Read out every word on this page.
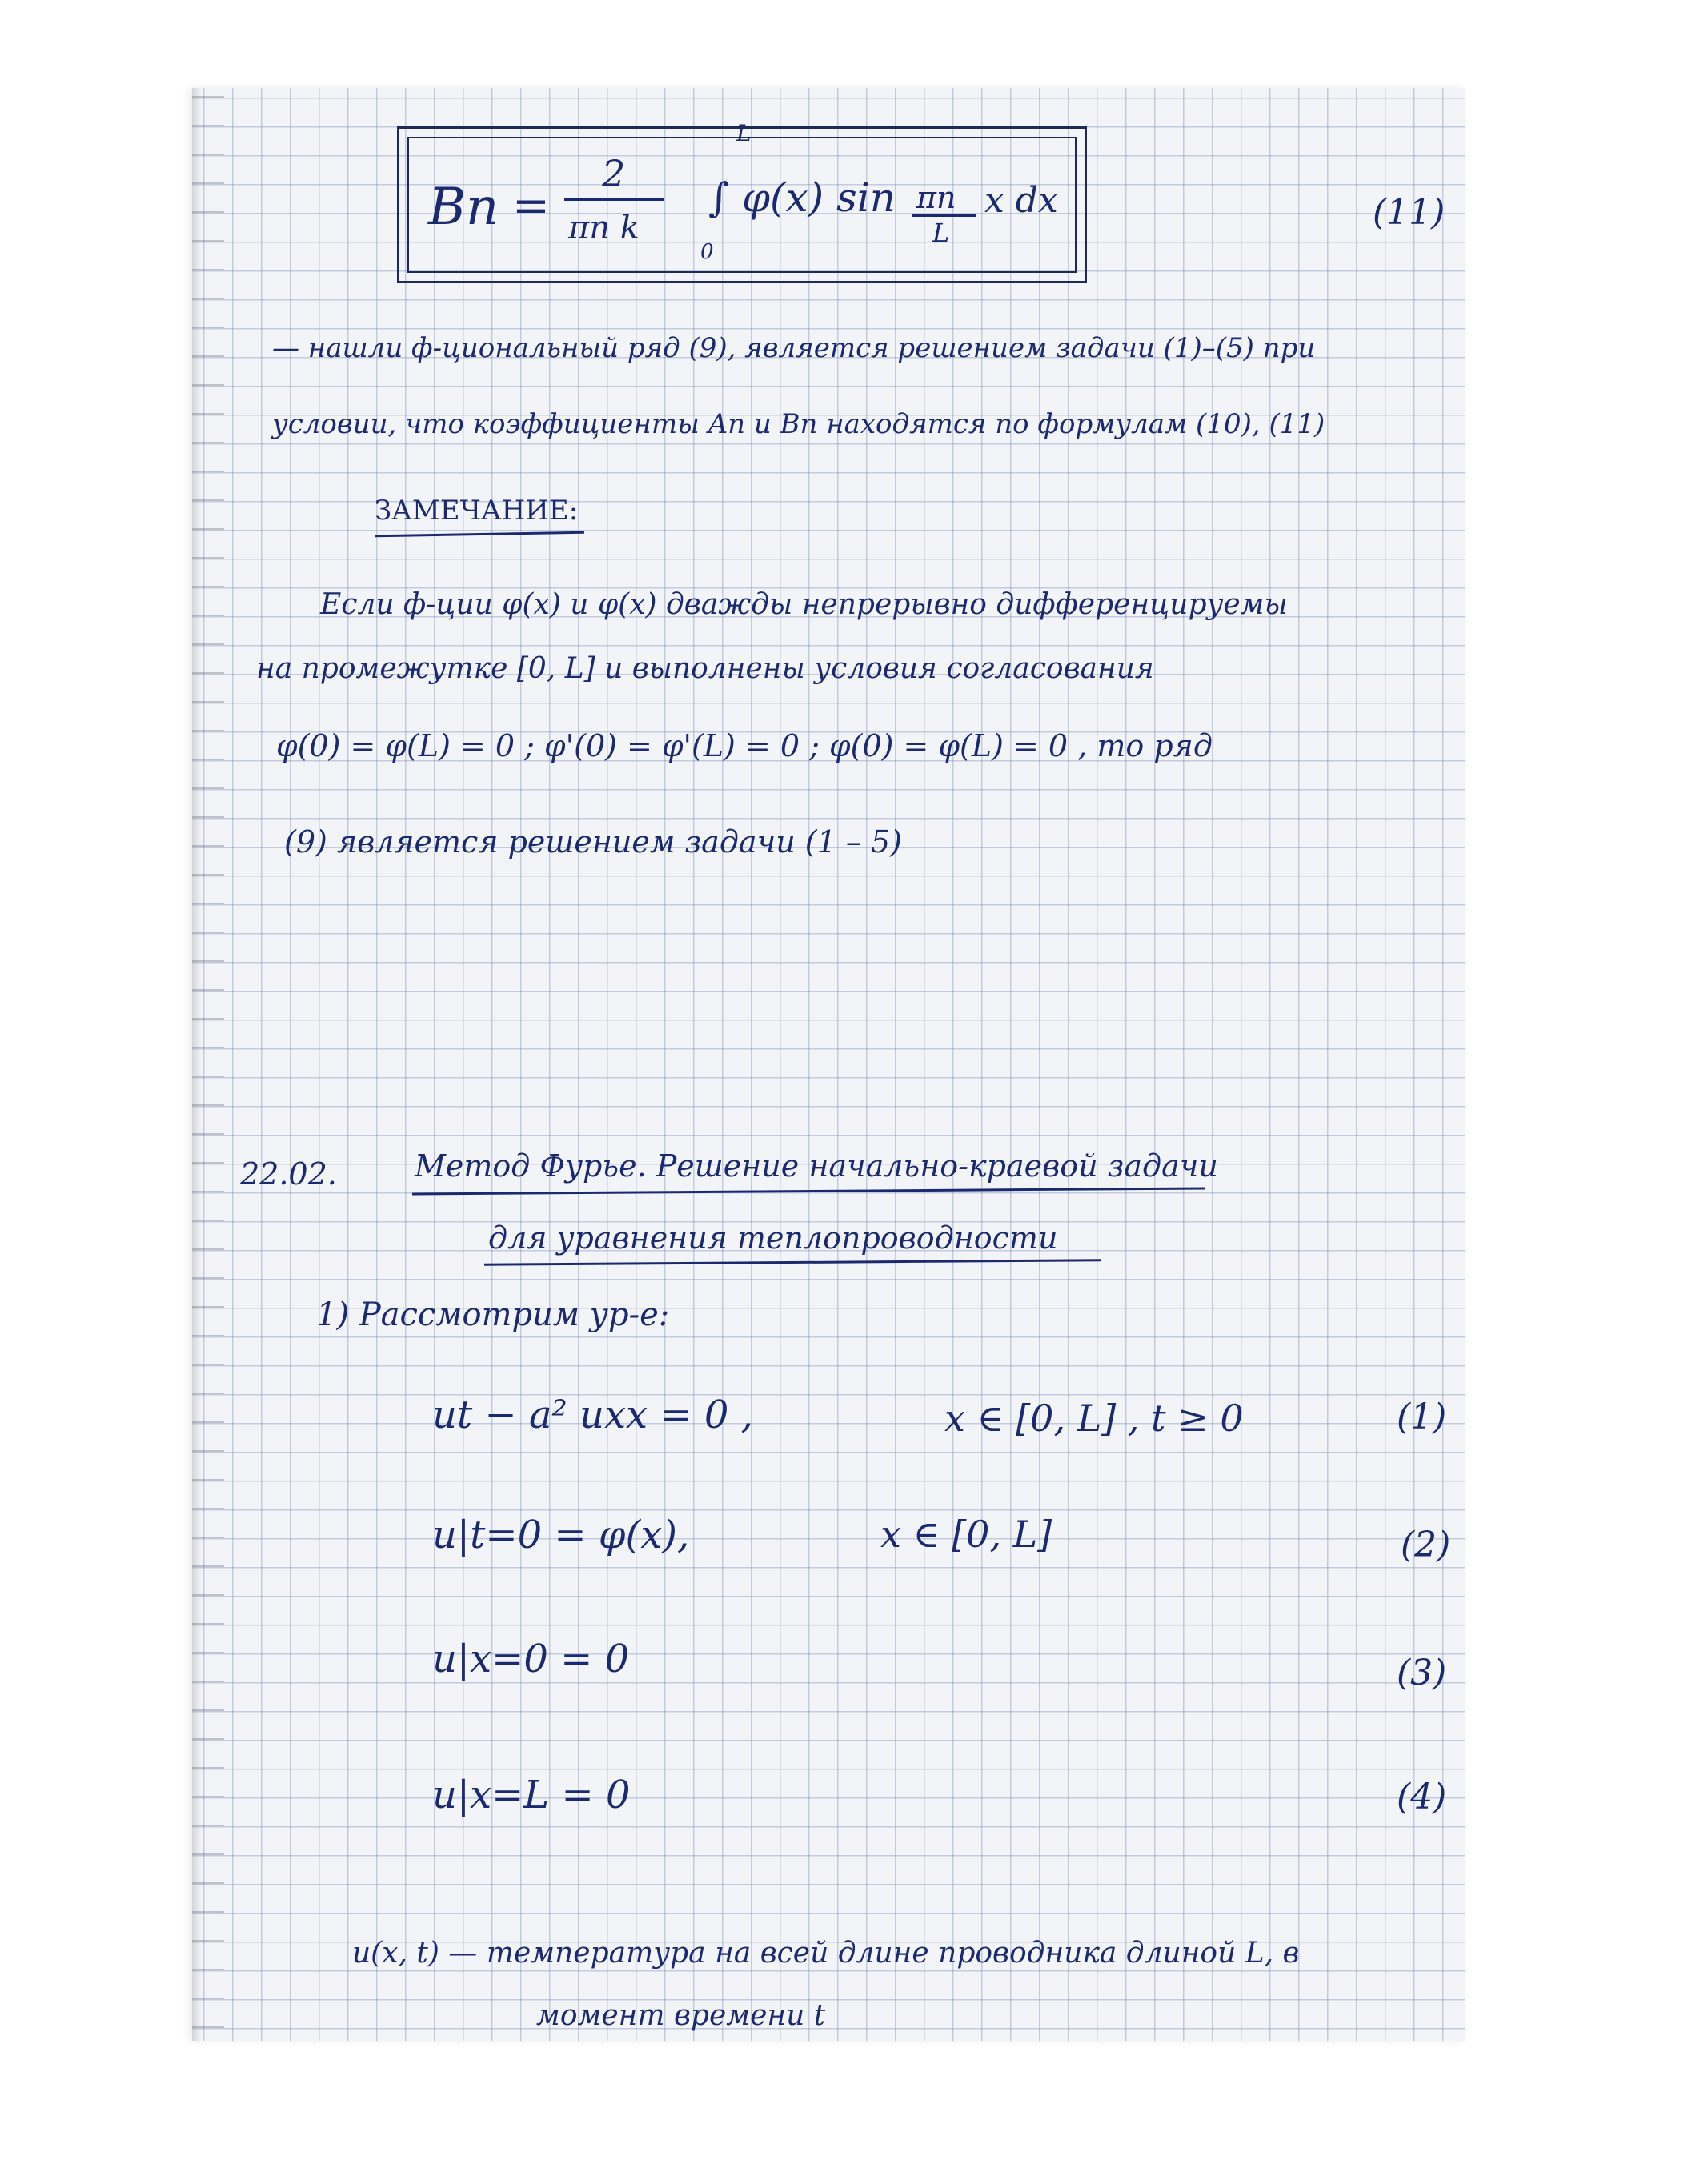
Bn =
2
πn k
L
0
∫ φ(x) sin πn
L
x dx	(11)
— нашли ф-циональный ряд (9), является решением задачи (1)–(5) при
условии, что коэффициенты An и Bn находятся по формулам (10), (11)
ЗАМЕЧАНИЕ:
Если ф-ции φ(x) и φ(x) дважды непрерывно дифференцируемы
на промежутке [0, L] и выполнены условия согласования
φ(0) = φ(L) = 0 ; φ'(0) = φ'(L) = 0 ; φ(0) = φ(L) = 0 , то ряд
(9) является решением задачи (1 – 5)
22.02.	Метод Фурье. Решение начально-краевой задачи
для уравнения теплопроводности
1) Рассмотрим ур-е:
ut − a² uxx = 0 ,	x ∈ [0, L] , t ≥ 0	(1)
u|t=0 = φ(x),	x ∈ [0, L]	(2)
u|x=0 = 0	(3)
u|x=L = 0	(4)
u(x, t) — температура на всей длине проводника длиной L, в
момент времени t
